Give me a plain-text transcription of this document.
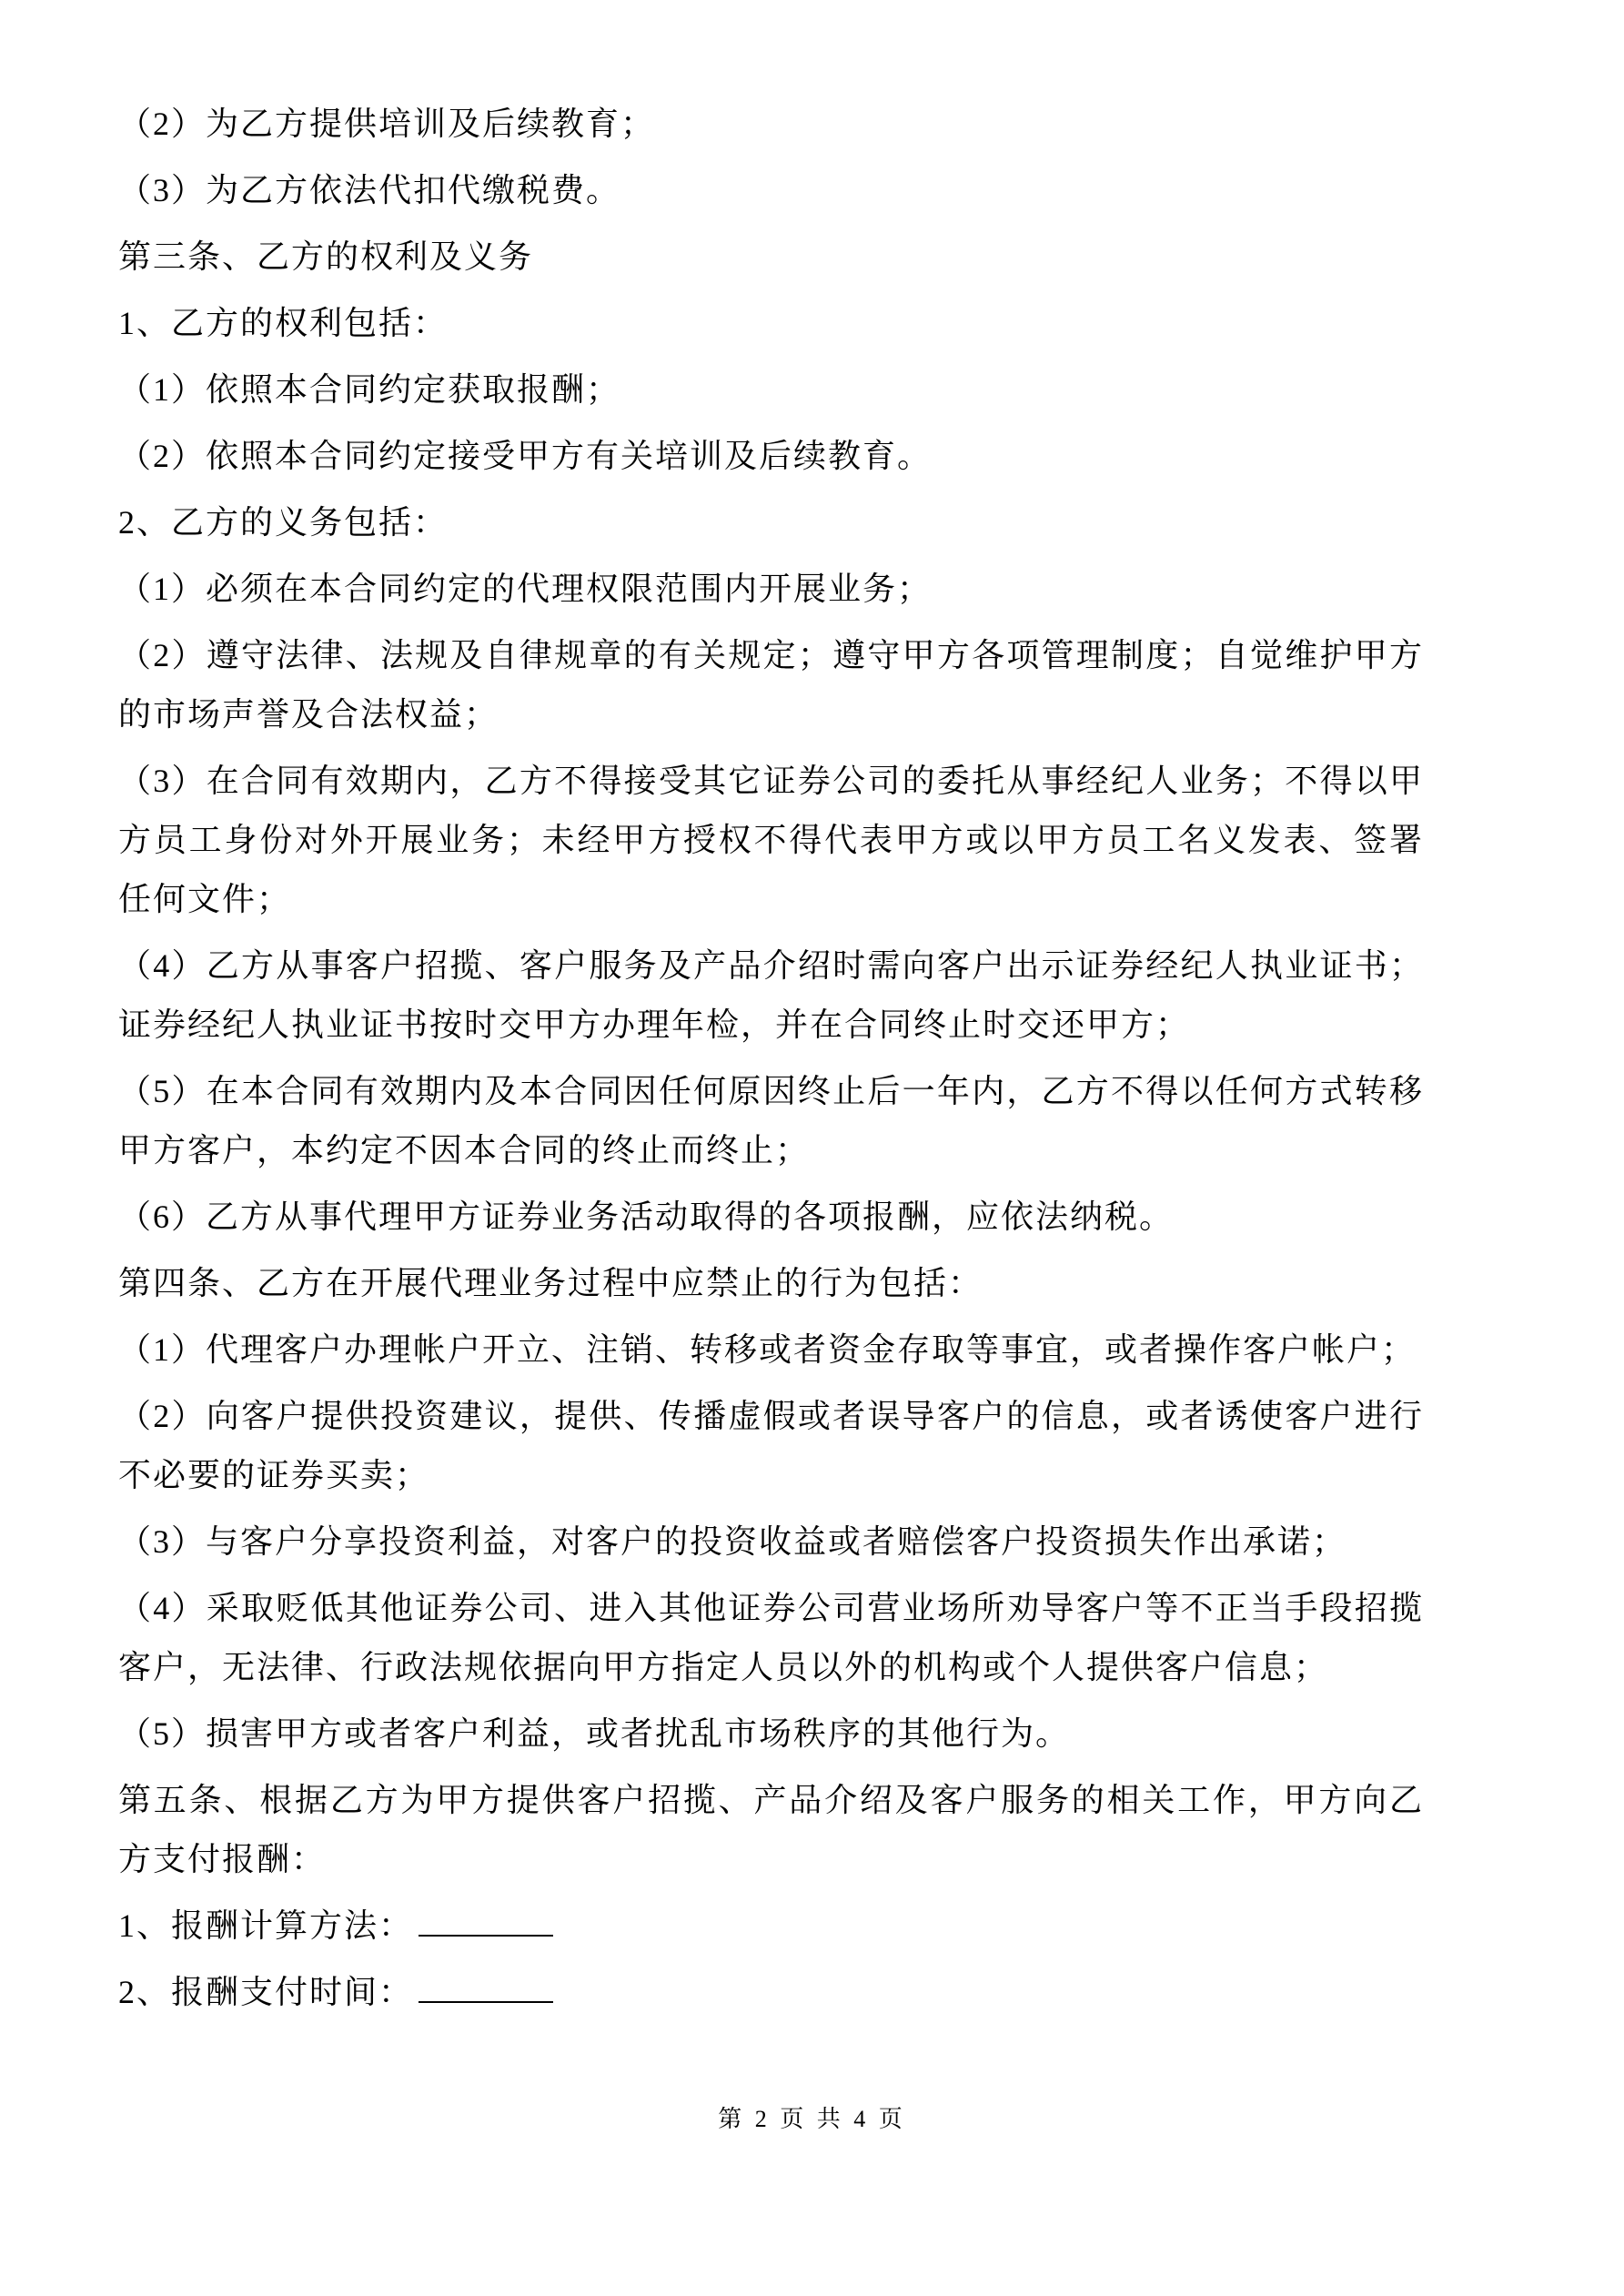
（2）为乙方提供培训及后续教育；

（3）为乙方依法代扣代缴税费。

第三条、乙方的权利及义务

1、乙方的权利包括：

（1）依照本合同约定获取报酬；

（2）依照本合同约定接受甲方有关培训及后续教育。

2、乙方的义务包括：

（1）必须在本合同约定的代理权限范围内开展业务；

（2）遵守法律、法规及自律规章的有关规定；遵守甲方各项管理制度；自觉维护甲方的市场声誉及合法权益；

（3）在合同有效期内，乙方不得接受其它证券公司的委托从事经纪人业务；不得以甲方员工身份对外开展业务；未经甲方授权不得代表甲方或以甲方员工名义发表、签署任何文件；

（4）乙方从事客户招揽、客户服务及产品介绍时需向客户出示证券经纪人执业证书；证券经纪人执业证书按时交甲方办理年检，并在合同终止时交还甲方；

（5）在本合同有效期内及本合同因任何原因终止后一年内，乙方不得以任何方式转移甲方客户，本约定不因本合同的终止而终止；

（6）乙方从事代理甲方证券业务活动取得的各项报酬，应依法纳税。

第四条、乙方在开展代理业务过程中应禁止的行为包括：

（1）代理客户办理帐户开立、注销、转移或者资金存取等事宜，或者操作客户帐户；

（2）向客户提供投资建议，提供、传播虚假或者误导客户的信息，或者诱使客户进行不必要的证券买卖；

（3）与客户分享投资利益，对客户的投资收益或者赔偿客户投资损失作出承诺；

（4）采取贬低其他证券公司、进入其他证券公司营业场所劝导客户等不正当手段招揽客户，无法律、行政法规依据向甲方指定人员以外的机构或个人提供客户信息；

（5）损害甲方或者客户利益，或者扰乱市场秩序的其他行为。

第五条、根据乙方为甲方提供客户招揽、产品介绍及客户服务的相关工作，甲方向乙方支付报酬：

1、报酬计算方法：

2、报酬支付时间：

第 2 页 共 4 页
